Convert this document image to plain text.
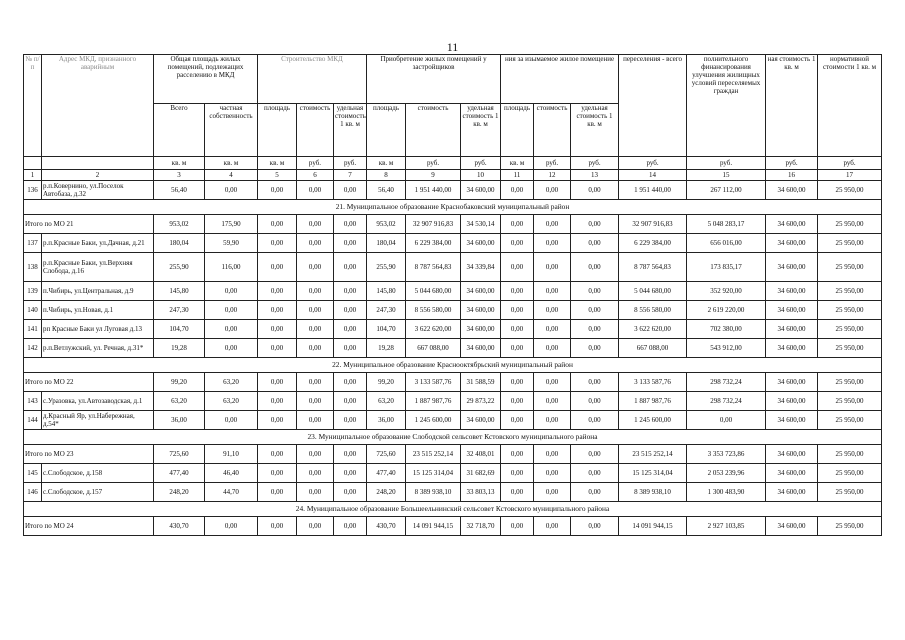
11
№ п/п	Адрес МКД, признанного аварийным	Общая площадь жилых помещений, подлежащих расселению в МКД		Строительство МКД			Приобретение жилых помещений у застройщиков			ния за изымаемое жилое помещение			переселения - всего	полнительного финансирования улучшения жилищных условий переселяемых граждан	ная стоимость 1 кв. м	нормативной стоимости 1 кв. м
		Всего	частная собственность	площадь	стоимость	удельная стоимость 1 кв. м	площадь	стоимость	удельная стоимость 1 кв. м	площадь	стоимость	удельная стоимость 1 кв. м				
		кв. м	кв. м	кв. м	руб.	руб.	кв. м	руб.	руб.	кв. м	руб.	руб.	руб.	руб.	руб.	руб.
1	2	3	4	5	6	7	8	9	10	11	12	13	14	15	16	17
136	р.п.Ковернино, ул.Поселок Автобаза, д.32	56,40	0,00	0,00	0,00	0,00	56,40	1 951 440,00	34 600,00	0,00	0,00	0,00	1 951 440,00	267 112,00	34 600,00	25 950,00
21. Муниципальное образование Краснобаковский муниципальный район																
Итого по МО 21		953,02	175,90	0,00	0,00	0,00	953,02	32 907 916,83	34 530,14	0,00	0,00	0,00	32 907 916,83	5 048 283,17	34 600,00	25 950,00
137	р.п.Красные Баки, ул.Дачная, д.21	180,04	59,90	0,00	0,00	0,00	180,04	6 229 384,00	34 600,00	0,00	0,00	0,00	6 229 384,00	656 016,00	34 600,00	25 950,00
138	р.п.Красные Баки, ул.Верхняя Слобода, д.16	255,90	116,00	0,00	0,00	0,00	255,90	8 787 564,83	34 339,84	0,00	0,00	0,00	8 787 564,83	173 835,17	34 600,00	25 950,00
139	п.Чибирь, ул.Центральная, д.9	145,80	0,00	0,00	0,00	0,00	145,80	5 044 680,00	34 600,00	0,00	0,00	0,00	5 044 680,00	352 920,00	34 600,00	25 950,00
140	п.Чибирь, ул.Новая, д.1	247,30	0,00	0,00	0,00	0,00	247,30	8 556 580,00	34 600,00	0,00	0,00	0,00	8 556 580,00	2 619 220,00	34 600,00	25 950,00
141	рп Красные Баки ул Луговая д.13	104,70	0,00	0,00	0,00	0,00	104,70	3 622 620,00	34 600,00	0,00	0,00	0,00	3 622 620,00	702 380,00	34 600,00	25 950,00
142	р.п.Ветлужский, ул. Речная, д.31*	19,28	0,00	0,00	0,00	0,00	19,28	667 088,00	34 600,00	0,00	0,00	0,00	667 088,00	543 912,00	34 600,00	25 950,00
22. Муниципальное образование Краснооктябрьский муниципальный район																
Итого по МО 22		99,20	63,20	0,00	0,00	0,00	99,20	3 133 587,76	31 588,59	0,00	0,00	0,00	3 133 587,76	298 732,24	34 600,00	25 950,00
143	с.Уразовка, ул.Автозаводская, д.1	63,20	63,20	0,00	0,00	0,00	63,20	1 887 987,76	29 873,22	0,00	0,00	0,00	1 887 987,76	298 732,24	34 600,00	25 950,00
144	д.Красный Яр, ул.Набережная, д.54*	36,00	0,00	0,00	0,00	0,00	36,00	1 245 600,00	34 600,00	0,00	0,00	0,00	1 245 600,00	0,00	34 600,00	25 950,00
23. Муниципальное образование Слободской сельсовет Кстовского муниципального района																
Итого по МО 23		725,60	91,10	0,00	0,00	0,00	725,60	23 515 252,14	32 408,01	0,00	0,00	0,00	23 515 252,14	3 353 723,86	34 600,00	25 950,00
145	с.Слободское, д.158	477,40	46,40	0,00	0,00	0,00	477,40	15 125 314,04	31 682,69	0,00	0,00	0,00	15 125 314,04	2 053 239,96	34 600,00	25 950,00
146	с.Слободское, д.157	248,20	44,70	0,00	0,00	0,00	248,20	8 389 938,10	33 803,13	0,00	0,00	0,00	8 389 938,10	1 300 483,90	34 600,00	25 950,00
24. Муниципальное образование Большеельнинский сельсовет Кстовского муниципального района																
Итого по МО 24		430,70	0,00	0,00	0,00	0,00	430,70	14 091 944,15	32 718,70	0,00	0,00	0,00	14 091 944,15	2 927 103,85	34 600,00	25 950,00
